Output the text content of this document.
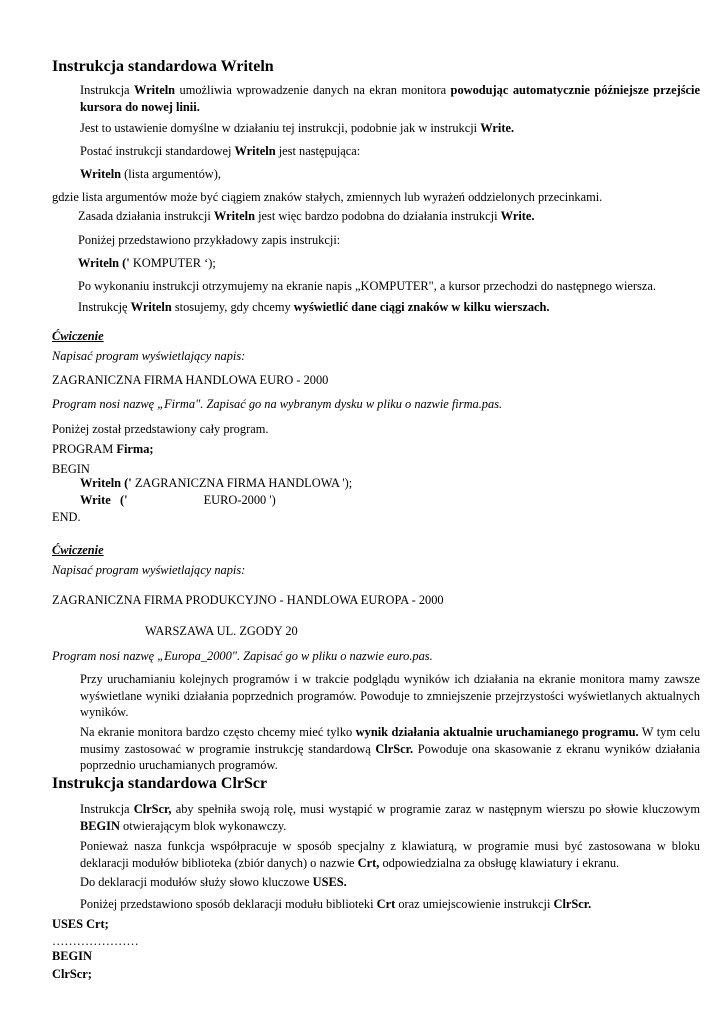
Instrukcja standardowa Writeln

Instrukcja Writeln umożliwia wprowadzenie danych na ekran monitora powodując automatycznie późniejsze przejście kursora do nowej linii.

Jest to ustawienie domyślne w działaniu tej instrukcji, podobnie jak w instrukcji Write.

Postać instrukcji standardowej Writeln jest następująca:

Writeln (lista argumentów),

gdzie lista argumentów może być ciągiem znaków stałych, zmiennych lub wyrażeń oddzielonych przecinkami.

Zasada działania instrukcji Writeln jest więc bardzo podobna do działania instrukcji Write.

Poniżej przedstawiono przykładowy zapis instrukcji:

Writeln (' KOMPUTER ‘);

Po wykonaniu instrukcji otrzymujemy na ekranie napis „KOMPUTER", a kursor przechodzi do następnego wiersza.

Instrukcję Writeln stosujemy, gdy chcemy wyświetlić dane ciągi znaków w kilku wierszach.

Ćwiczenie

Napisać program wyświetlający napis:

ZAGRANICZNA FIRMA HANDLOWA EURO - 2000

Program nosi nazwę „Firma". Zapisać go na wybranym dysku w pliku o nazwie firma.pas.

Poniżej został przedstawiony cały program.

PROGRAM Firma;

BEGIN

Writeln (' ZAGRANICZNA FIRMA HANDLOWA ');

Write   ('	EURO-2000 ')

END.

Ćwiczenie

Napisać program wyświetlający napis:

ZAGRANICZNA FIRMA PRODUKCYJNO - HANDLOWA EUROPA - 2000

WARSZAWA UL. ZGODY 20

Program nosi nazwę „Europa_2000". Zapisać go w pliku o nazwie euro.pas.

Przy uruchamianiu kolejnych programów i w trakcie podglądu wyników ich działania na ekranie monitora mamy zawsze wyświetlane wyniki działania poprzednich programów. Powoduje to zmniejszenie przejrzystości wyświetlanych aktualnych wyników.

Na ekranie monitora bardzo często chcemy mieć tylko wynik działania aktualnie uruchamianego programu. W tym celu musimy zastosować w programie instrukcję standardową ClrScr. Powoduje ona skasowanie z ekranu wyników działania poprzednio uruchamianych programów.

Instrukcja standardowa ClrScr

Instrukcja ClrScr, aby spełniła swoją rolę, musi wystąpić w programie zaraz w następnym wierszu po słowie kluczowym BEGIN otwierającym blok wykonawczy.

Ponieważ nasza funkcja współpracuje w sposób specjalny z klawiaturą, w programie musi być zastosowana w bloku deklaracji modułów biblioteka (zbiór danych) o nazwie Crt, odpowiedzialna za obsługę klawiatury i ekranu.

Do deklaracji modułów służy słowo kluczowe USES.

Poniżej przedstawiono sposób deklaracji modułu biblioteki Crt oraz umiejscowienie instrukcji ClrScr.

USES Crt;

…………………

BEGIN

ClrScr;
